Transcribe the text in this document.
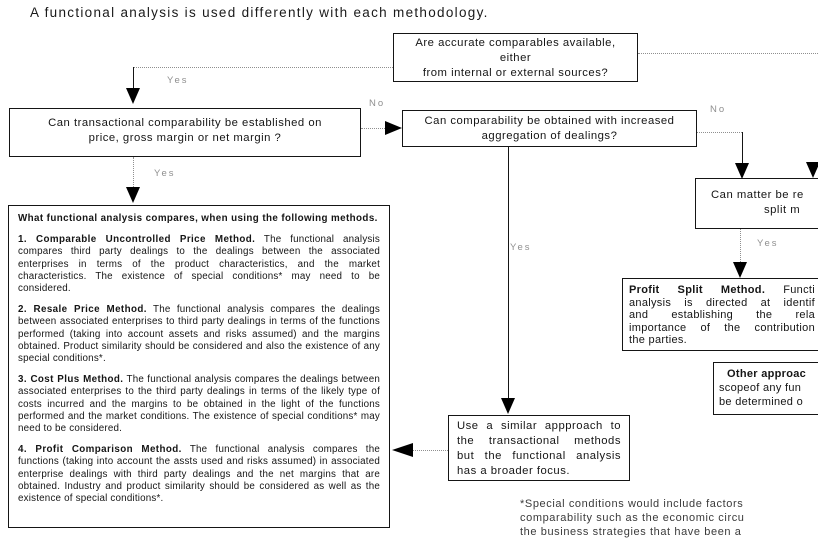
A functional analysis is used differently with each methodology.
Are accurate comparables available,
either
from internal or external sources?
Can transactional comparability be established on
price, gross margin or net margin ?
Can comparability be obtained with increased
aggregation of dealings?
Can matter be re
split m
Profit Split Method. Functi
analysis is directed at identif
and establishing the rela
importance of the contribution
the parties.
Other approac
scopeof any fun
be determined o
Use a similar appproach to
the transactional methods
but the functional analysis
has a broader focus.

What functional analysis compares, when using the following methods.

1. Comparable Uncontrolled Price Method. The functional analysis compares third party dealings to the dealings between the associated enterprises in terms of the product characteristics, and the market characteristics. The existence of special conditions* may need to be considered.

2. Resale Price Method. The functional analysis compares the dealings between associated enterprises to third party dealings in terms of the functions performed (taking into account assets and risks assumed) and the margins obtained. Product similarity should be considered and also the existence of any special conditions*.

3. Cost Plus Method. The functional analysis compares the dealings between associated enterprises to the third party dealings in terms of the likely type of costs incurred and the margins to be obtained in the light of the functions performed and the market conditions. The existence of special conditions* may need to be considered.

4. Profit Comparison Method. The functional analysis compares the functions (taking into account the assts used and risks assumed) in associated enterprise dealings with third party dealings and the net margins that are obtained. Industry and product similarity should be considered as well as the existence of special conditions*.	*Special conditions would include factors
comparability such as the economic circu
the business strategies that have been a
Yes
No
Yes
No
Yes	Yes
